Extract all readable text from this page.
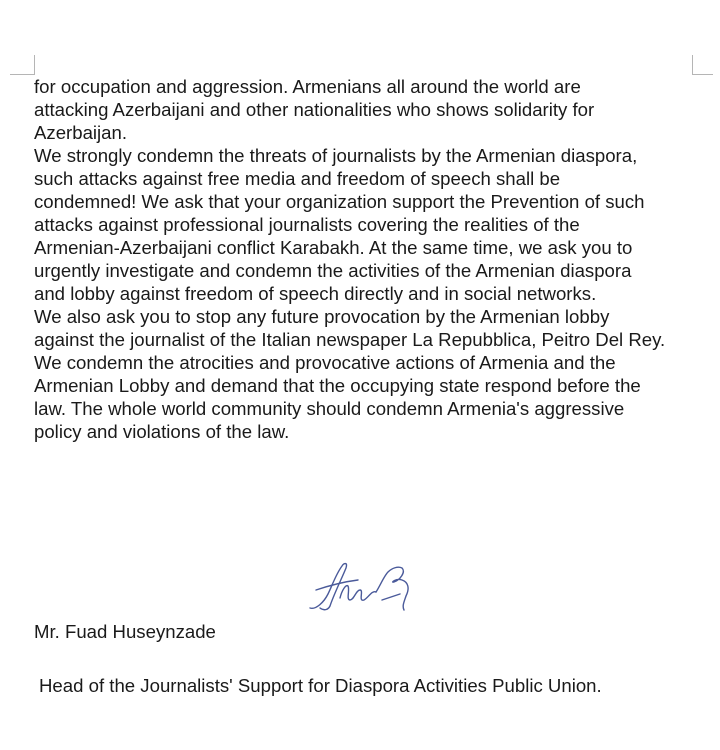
for occupation and aggression. Armenians all around the world are
attacking Azerbaijani and other nationalities who shows solidarity for
Azerbaijan.
We strongly condemn the threats of journalists by the Armenian diaspora,
such attacks against free media and freedom of speech shall be
condemned! We ask that your organization support the Prevention of such
attacks against professional journalists covering the realities of the
Armenian-Azerbaijani conflict Karabakh. At the same time, we ask you to
urgently investigate and condemn the activities of the Armenian diaspora
and lobby against freedom of speech directly and in social networks.
We also ask you to stop any future provocation by the Armenian lobby
against the journalist of the Italian newspaper La Repubblica, Peitro Del Rey.
We condemn the atrocities and provocative actions of Armenia and the
Armenian Lobby and demand that the occupying state respond before the
law. The whole world community should condemn Armenia's aggressive
policy and violations of the law.
Mr. Fuad Huseynzade
Head of the Journalists' Support for Diaspora Activities Public Union.
